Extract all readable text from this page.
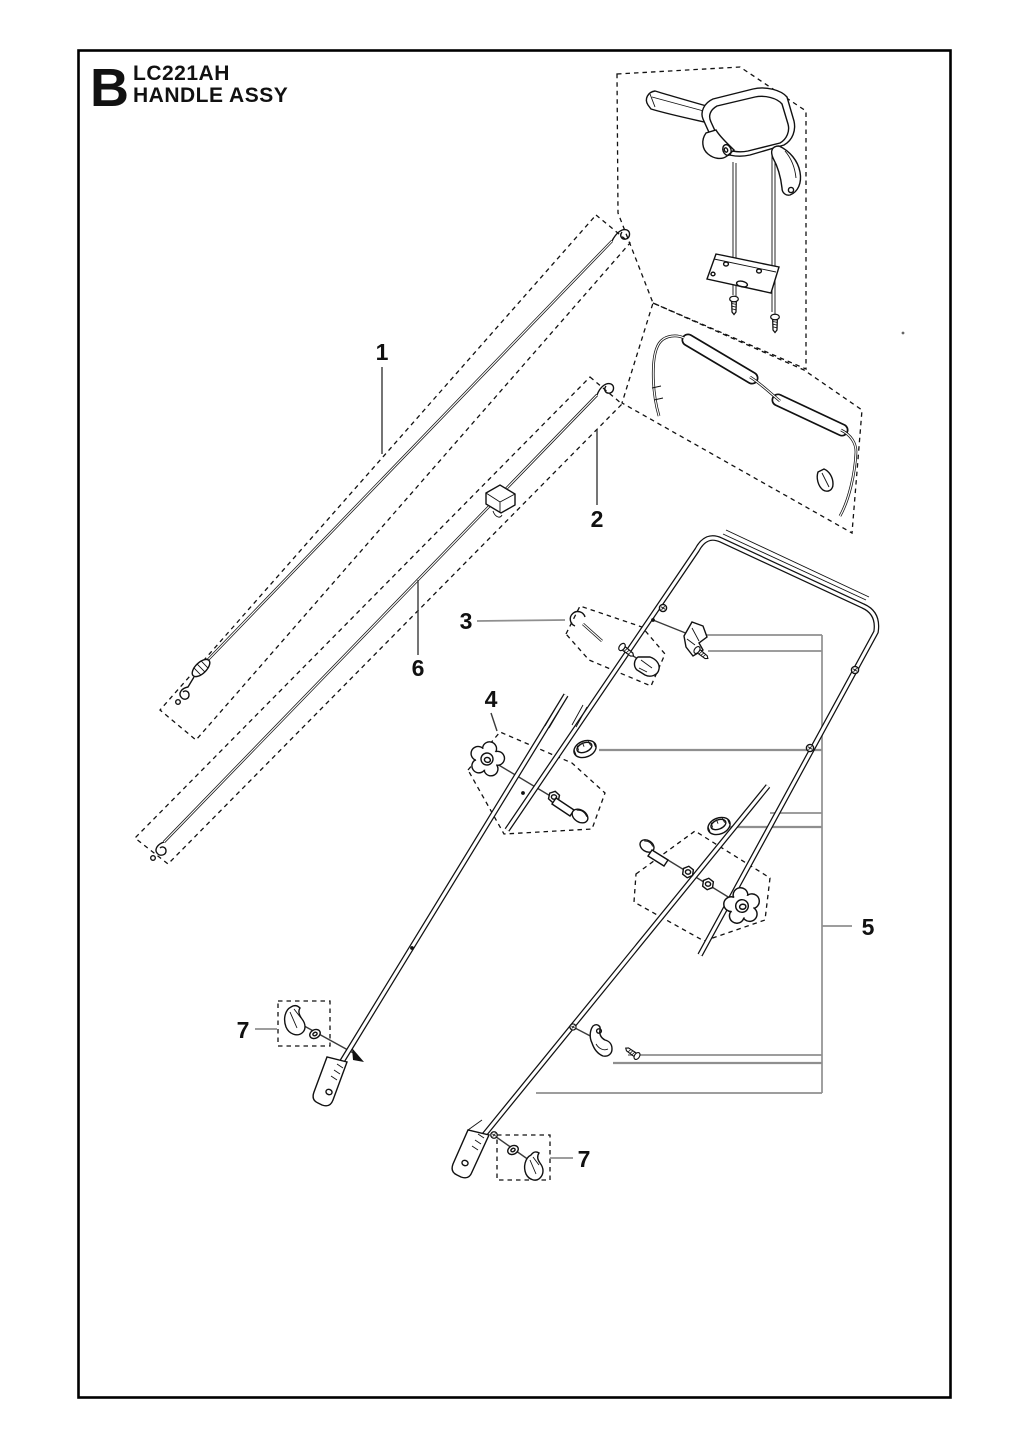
B LC221AH
HANDLE ASSY
1
2
3
4
5
6
7
7
